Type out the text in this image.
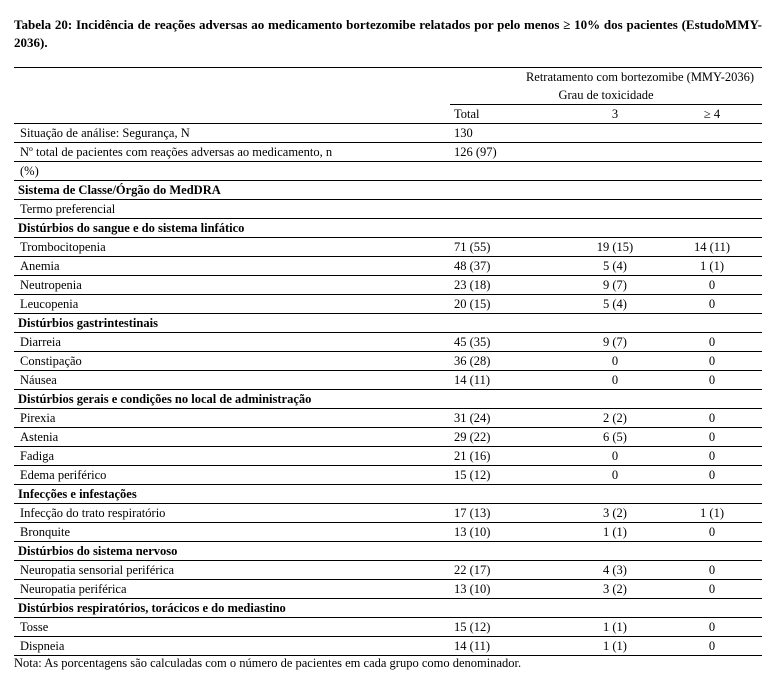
Tabela 20: Incidência de reações adversas ao medicamento bortezomibe relatados por pelo menos ≥ 10% dos pacientes (EstudoMMY-2036).
	Retratamento com bortezomibe (MMY-2036)		
	Grau de toxicidade		
	Total	3	≥ 4
Situação de análise: Segurança, N	130		
Nº total de pacientes com reações adversas ao medicamento, n	126 (97)		
(%)			
Sistema de Classe/Órgão do MedDRA			
Termo preferencial			
Distúrbios do sangue e do sistema linfático			
Trombocitopenia	71 (55)	19 (15)	14 (11)
Anemia	48 (37)	5 (4)	1 (1)
Neutropenia	23 (18)	9 (7)	0
Leucopenia	20 (15)	5 (4)	0
Distúrbios gastrintestinais			
Diarreia	45 (35)	9 (7)	0
Constipação	36 (28)	0	0
Náusea	14 (11)	0	0
Distúrbios gerais e condições no local de administração			
Pirexia	31 (24)	2 (2)	0
Astenia	29 (22)	6 (5)	0
Fadiga	21 (16)	0	0
Edema periférico	15 (12)	0	0
Infecções e infestações			
Infecção do trato respiratório	17 (13)	3 (2)	1 (1)
Bronquite	13 (10)	1 (1)	0
Distúrbios do sistema nervoso			
Neuropatia sensorial periférica	22 (17)	4 (3)	0
Neuropatia periférica	13 (10)	3 (2)	0
Distúrbios respiratórios, torácicos e do mediastino			
Tosse	15 (12)	1 (1)	0
Dispneia	14 (11)	1 (1)	0
Nota: As porcentagens são calculadas com o número de pacientes em cada grupo como denominador.
